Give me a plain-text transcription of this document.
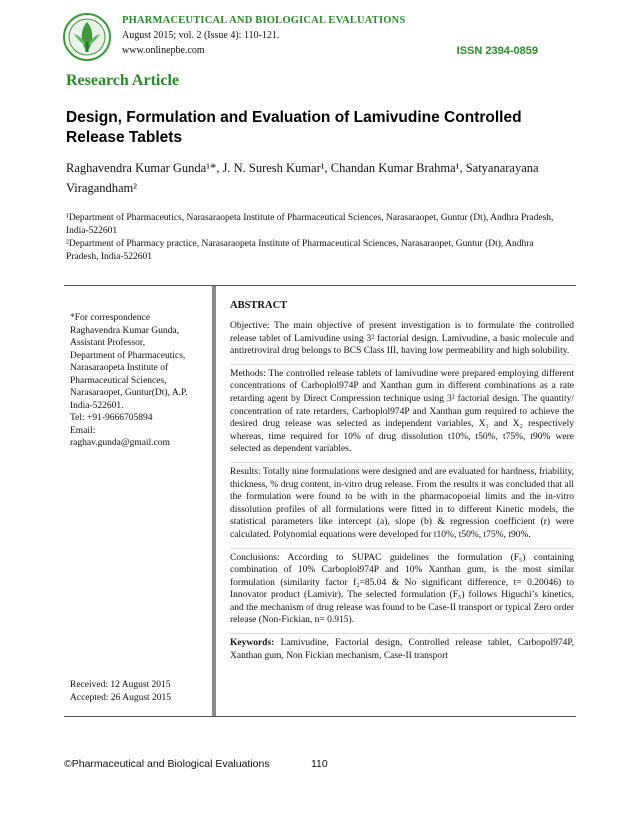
PHARMACEUTICAL AND BIOLOGICAL EVALUATIONS
August 2015; vol. 2 (Issue 4): 110-121.
www.onlinepbe.com	ISSN 2394-0859
Research Article
Design, Formulation and Evaluation of Lamivudine Controlled Release Tablets
Raghavendra Kumar Gunda¹*, J. N. Suresh Kumar¹, Chandan Kumar Brahma¹, Satyanarayana Viragandham²

¹Department of Pharmaceutics, Narasaraopeta Institute of Pharmaceutical Sciences, Narasaraopet, Guntur (Dt), Andhra Pradesh, India-522601

²Department of Pharmacy practice, Narasaraopeta Institute of Pharmaceutical Sciences, Narasaraopet, Guntur (Dt), Andhra Pradesh, India-522601

*For correspondence
Raghavendra Kumar Gunda,
Assistant Professor,
Department of Pharmaceutics,
Narasaraopeta Institute of
Pharmaceutical Sciences,
Narasaraopet, Guntur(Dt), A.P.
India-522601.
Tel: +91-9666705894
Email:
raghav.gunda@gmail.com
Received: 12 August 2015
Accepted: 26 August 2015
ABSTRACT

Objective: The main objective of present investigation is to formulate the controlled release tablet of Lamivudine using 3² factorial design. Lamivudine, a basic molecule and antiretroviral drug belongs to BCS Class III, having low permeability and high solubility.

Methods: The controlled release tablets of lamivudine were prepared employing different concentrations of Carboplol974P and Xanthan gum in different combinations as a rate retarding agent by Direct Compression technique using 3² factorial design. The quantity/ concentration of rate retarders, Carboplol974P and Xanthan gum required to achieve the desired drug release was selected as independent variables, X₁ and X₂ respectively whereas, time required for 10% of drug dissolution t10%, t50%, t75%, t90% were selected as dependent variables.

Results: Totally nine formulations were designed and are evaluated for hardness, friability, thickness, % drug content, in-vitro drug release. From the results it was concluded that all the formulation were found to be with in the pharmacopoeial limits and the in-vitro dissolution profiles of all formulations were fitted in to different Kinetic models, the statistical parameters like intercept (a), slope (b) & regression coefficient (r) were calculated. Polynomial equations were developed for t10%, t50%, t75%, t90%.

Conclusions: According to SUPAC guidelines the formulation (F₅) containing combination of 10% Carboplol974P and 10% Xanthan gum, is the most similar formulation (similarity factor f₂=85.04 & No significant difference, t= 0.20046) to Innovator product (Lamivir). The selected formulation (F₅) follows Higuchi’s kinetics, and the mechanism of drug release was found to be Case-II transport or typical Zero order release (Non-Fickian, n= 0.915).

Keywords: Lamivudine, Factorial design, Controlled release tablet, Carbopol974P, Xanthan gum, Non Fickian mechanism, Case-II transport

©Pharmaceutical and Biological Evaluations	110
